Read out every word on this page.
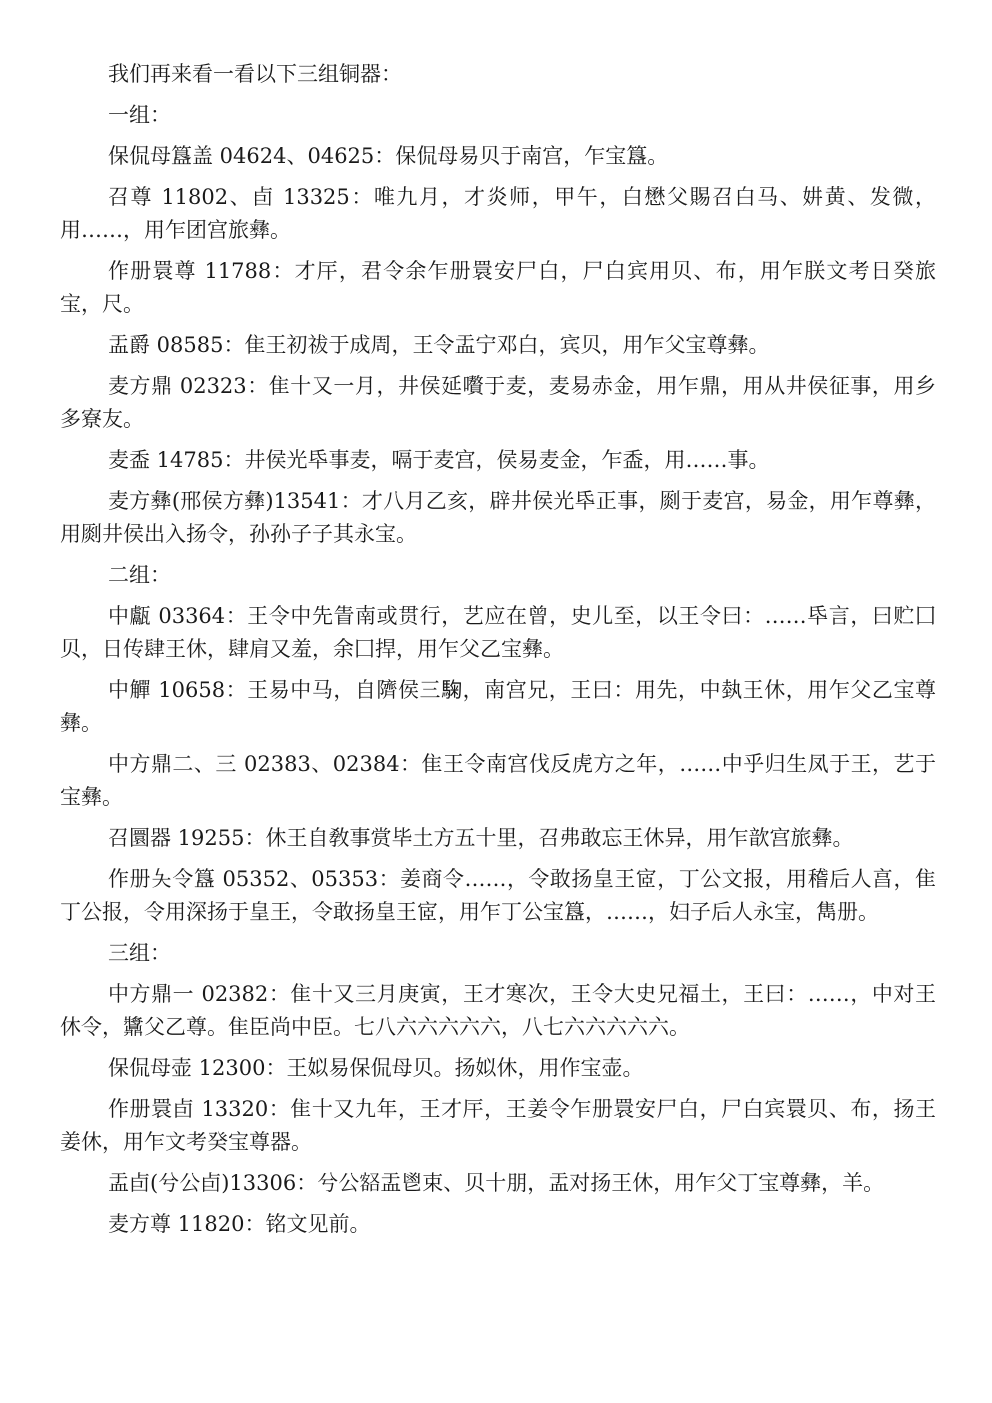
我们再来看一看以下三组铜器：

一组：

保侃母簋盖 04624、04625：保侃母易贝于南宫，乍宝簋。

召尊 11802、卣 13325：唯九月，才炎师，甲午，白懋父賜召白马、妌黄、发微，用……，用乍团宫旅彝。

作册睘尊 11788：才厈，君令余乍册睘安尸白，尸白宾用贝、布，用乍朕文考日癸旅宝，尺。

盂爵 08585：隹王初祓于成周，王令盂宁邓白，宾贝，用乍父宝尊彝。

麦方鼎 02323：隹十又一月，井侯延嚽于麦，麦易赤金，用乍鼎，用从井侯征事，用乡多寮友。

麦盉 14785：井侯光氒事麦，嗝于麦宫，侯易麦金，乍盉，用……事。

麦方彝(邢侯方彝)13541：才八月乙亥，辟井侯光氒正事，㓹于麦宫，易金，用乍尊彝，用㓹井侯出入扬令，孙孙子子其永宝。

二组：

中甗 03364：王令中先眚南或贯行，艺应在曾，史儿至，以王令曰：……氒言，曰贮囗贝，日传肆王休，肆肩又羞，余囗捍，用乍父乙宝彝。

中觶 10658：王易中马，自隮侯三𩣽，南宫兄，王曰：用先，中埶王休，用乍父乙宝尊彝。

中方鼎二、三 02383、02384：隹王令南宫伐反虎方之年，……中乎归生凤于王，艺于宝彝。

召圜器 19255：休王自敎事赏毕土方五十里，召弗敢忘王休异，用乍歆宫旅彝。

作册夨令簋 05352、05353：姜商令……，令敢扬皇王宧，丁公文报，用稽后人亯，隹丁公报，令用深扬于皇王，令敢扬皇王宧，用乍丁公宝簋，……，妇子后人永宝，雋册。

三组：

中方鼎一 02382：隹十又三月庚寅，王才寒次，王令大史兄福土，王曰：……，中对王休令，䵼父乙尊。隹臣尚中臣。七八六六六六六，八七六六六六六。

保侃母壶 12300：王姒易保侃母贝。扬姒休，用作宝壶。

作册睘卣 13320：隹十又九年，王才厈，王姜令乍册睘安尸白，尸白宾睘贝、布，扬王姜休，用乍文考癸宝尊器。

盂卣(兮公卣)13306：兮公𡪞盂鬯束、贝十朋，盂对扬王休，用乍父丁宝尊彝，羊。

麦方尊 11820：铭文见前。
